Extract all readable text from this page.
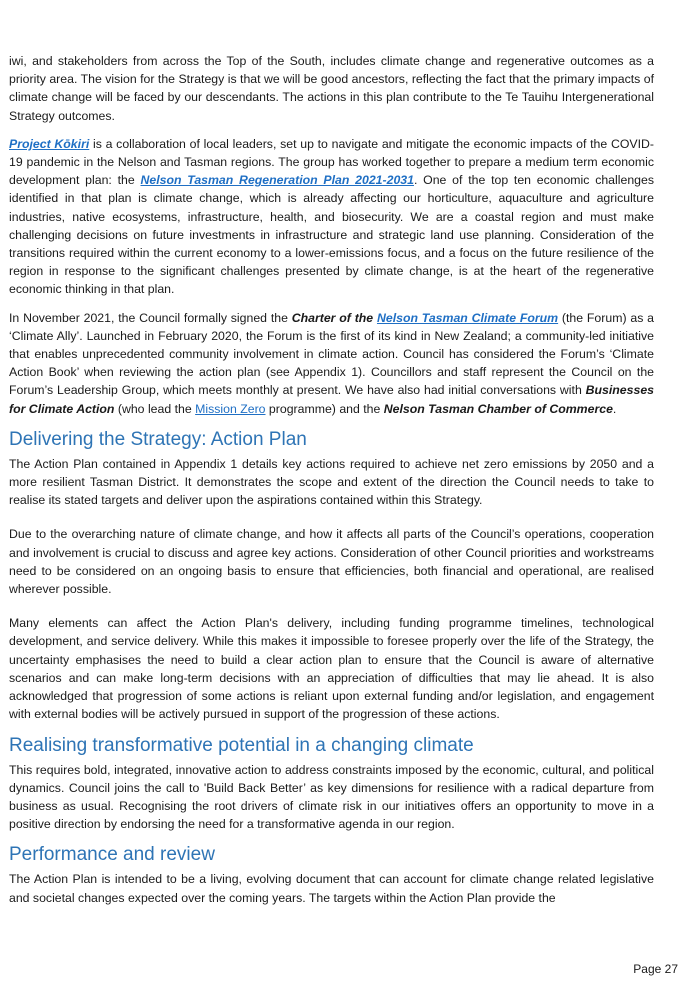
iwi, and stakeholders from across the Top of the South, includes climate change and regenerative outcomes as a priority area. The vision for the Strategy is that we will be good ancestors, reflecting the fact that the primary impacts of climate change will be faced by our descendants. The actions in this plan contribute to the Te Tauihu Intergenerational Strategy outcomes.

Project Kōkiri is a collaboration of local leaders, set up to navigate and mitigate the economic impacts of the COVID-19 pandemic in the Nelson and Tasman regions. The group has worked together to prepare a medium term economic development plan: the Nelson Tasman Regeneration Plan 2021-2031. One of the top ten economic challenges identified in that plan is climate change, which is already affecting our horticulture, aquaculture and agriculture industries, native ecosystems, infrastructure, health, and biosecurity. We are a coastal region and must make challenging decisions on future investments in infrastructure and strategic land use planning. Consideration of the transitions required within the current economy to a lower-emissions focus, and a focus on the future resilience of the region in response to the significant challenges presented by climate change, is at the heart of the regenerative economic thinking in that plan.

In November 2021, the Council formally signed the Charter of the Nelson Tasman Climate Forum (the Forum) as a ‘Climate Ally’. Launched in February 2020, the Forum is the first of its kind in New Zealand; a community-led initiative that enables unprecedented community involvement in climate action. Council has considered the Forum’s ‘Climate Action Book’ when reviewing the action plan (see Appendix 1). Councillors and staff represent the Council on the Forum’s Leadership Group, which meets monthly at present. We have also had initial conversations with Businesses for Climate Action (who lead the Mission Zero programme) and the Nelson Tasman Chamber of Commerce.

Delivering the Strategy: Action Plan

The Action Plan contained in Appendix 1 details key actions required to achieve net zero emissions by 2050 and a more resilient Tasman District. It demonstrates the scope and extent of the direction the Council needs to take to realise its stated targets and deliver upon the aspirations contained within this Strategy.

Due to the overarching nature of climate change, and how it affects all parts of the Council’s operations, cooperation and involvement is crucial to discuss and agree key actions. Consideration of other Council priorities and workstreams need to be considered on an ongoing basis to ensure that efficiencies, both financial and operational, are realised wherever possible.

Many elements can affect the Action Plan's delivery, including funding programme timelines, technological development, and service delivery. While this makes it impossible to foresee properly over the life of the Strategy, the uncertainty emphasises the need to build a clear action plan to ensure that the Council is aware of alternative scenarios and can make long-term decisions with an appreciation of difficulties that may lie ahead. It is also acknowledged that progression of some actions is reliant upon external funding and/or legislation, and engagement with external bodies will be actively pursued in support of the progression of these actions.

Realising transformative potential in a changing climate

This requires bold, integrated, innovative action to address constraints imposed by the economic, cultural, and political dynamics. Council joins the call to 'Build Back Better’ as key dimensions for resilience with a radical departure from business as usual. Recognising the root drivers of climate risk in our initiatives offers an opportunity to move in a positive direction by endorsing the need for a transformative agenda in our region.

Performance and review

The Action Plan is intended to be a living, evolving document that can account for climate change related legislative and societal changes expected over the coming years. The targets within the Action Plan provide the

Page 27
